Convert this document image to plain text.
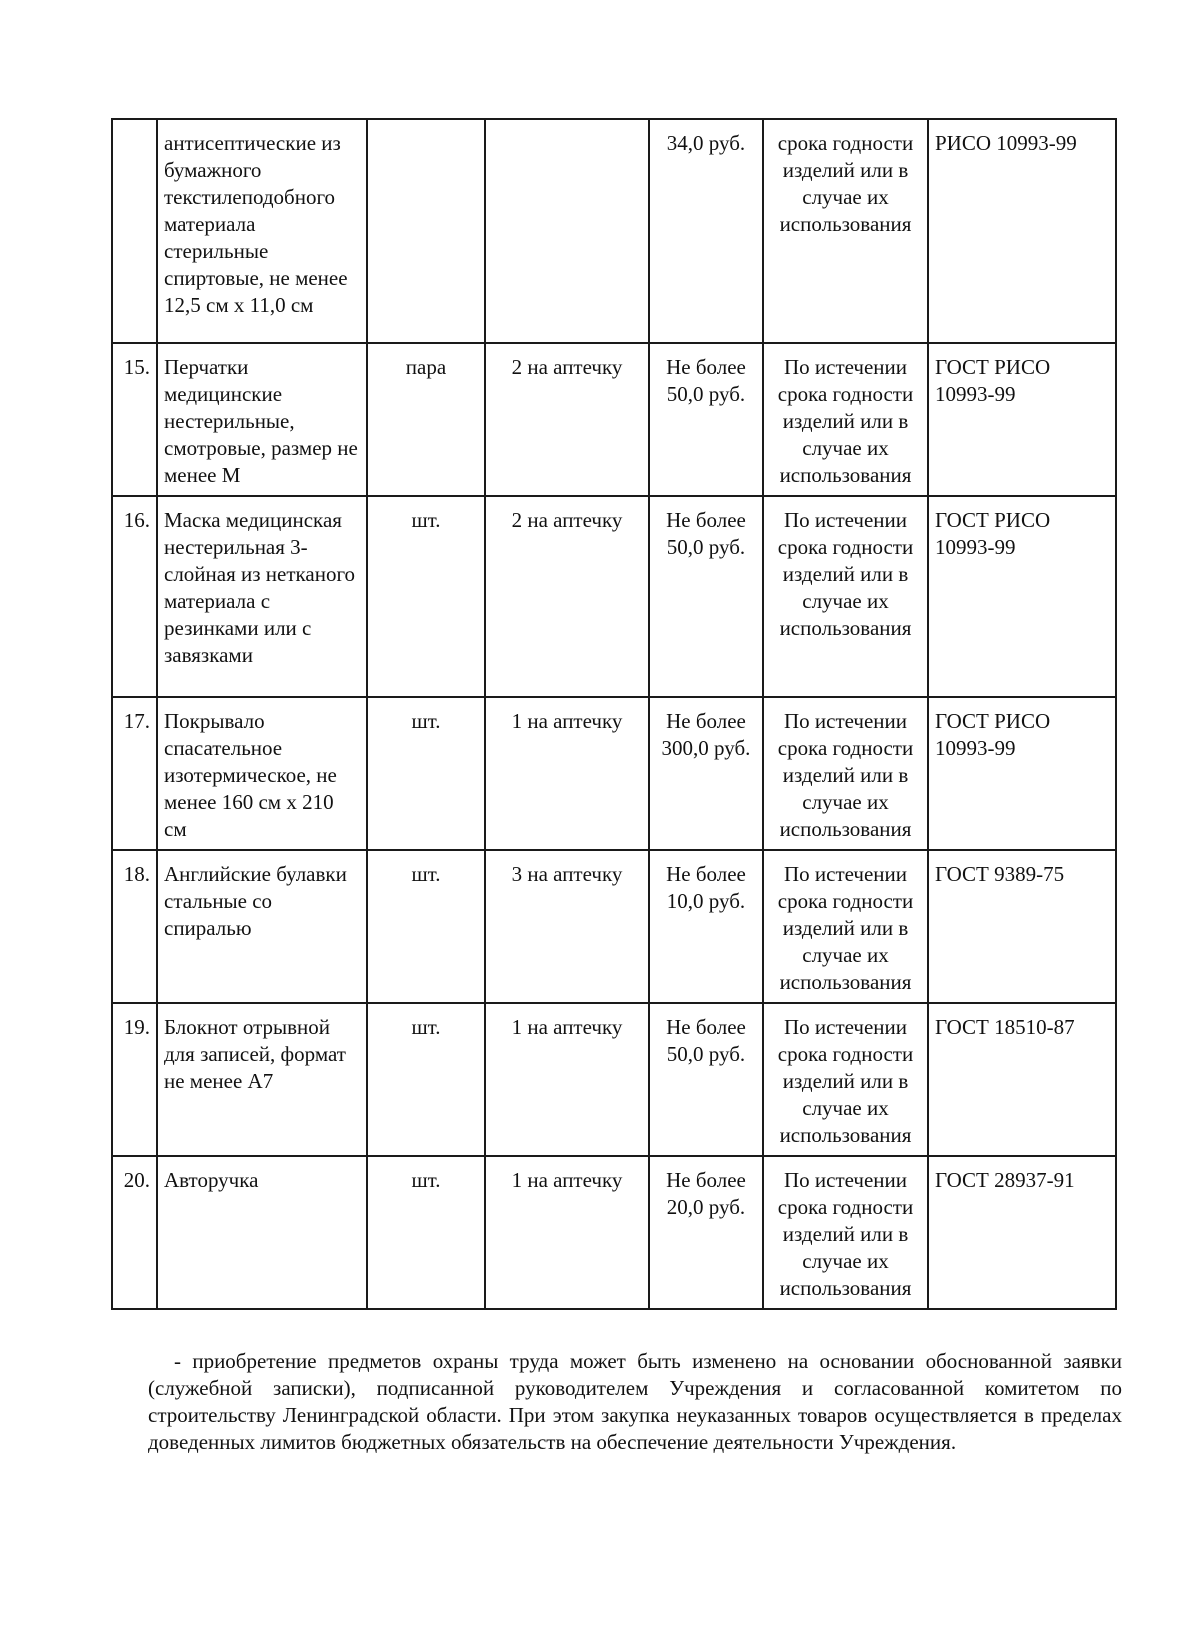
	антисептические из бумажного текстилеподобного материала стерильные спиртовые, не менее 12,5 см х 11,0 см			34,0 руб.	срока годности изделий или в случае их использования	РИСО 10993-99
15.	Перчатки медицинские нестерильные, смотровые, размер не менее М	пара	2 на аптечку	Не более 50,0 руб.	По истечении срока годности изделий или в случае их использования	ГОСТ РИСО 10993-99
16.	Маска медицинская нестерильная 3-слойная из нетканого материала с резинками или с завязками	шт.	2 на аптечку	Не более 50,0 руб.	По истечении срока годности изделий или в случае их использования	ГОСТ РИСО 10993-99
17.	Покрывало спасательное изотермическое, не менее 160 см х 210 см	шт.	1 на аптечку	Не более 300,0 руб.	По истечении срока годности изделий или в случае их использования	ГОСТ РИСО 10993-99
18.	Английские булавки стальные со спиралью	шт.	3 на аптечку	Не более 10,0 руб.	По истечении срока годности изделий или в случае их использования	ГОСТ 9389-75
19.	Блокнот отрывной для записей, формат не менее А7	шт.	1 на аптечку	Не более 50,0 руб.	По истечении срока годности изделий или в случае их использования	ГОСТ 18510-87
20.	Авторучка	шт.	1 на аптечку	Не более 20,0 руб.	По истечении срока годности изделий или в случае их использования	ГОСТ 28937-91

- приобретение предметов охраны труда может быть изменено на основании обоснованной заявки (служебной записки), подписанной руководителем Учреждения и согласованной комитетом по строительству Ленинградской области. При этом закупка неуказанных товаров осуществляется в пределах доведенных лимитов бюджетных обязательств на обеспечение деятельности Учреждения.
